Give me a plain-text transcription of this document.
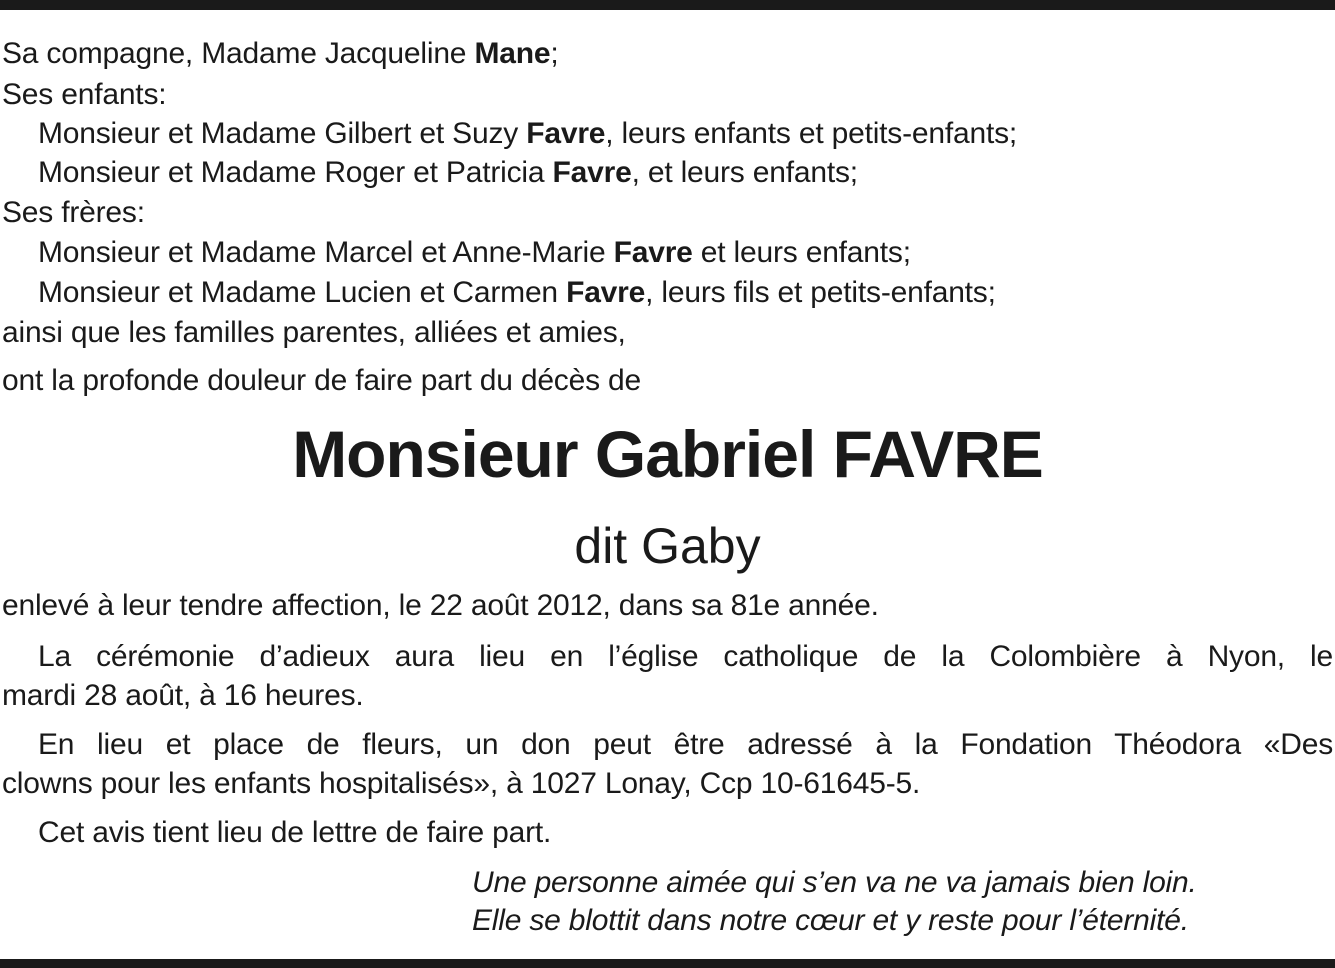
Sa compagne, Madame Jacqueline Mane;
Ses enfants:
Monsieur et Madame Gilbert et Suzy Favre, leurs enfants et petits-enfants;
Monsieur et Madame Roger et Patricia Favre, et leurs enfants;
Ses frères:
Monsieur et Madame Marcel et Anne-Marie Favre et leurs enfants;
Monsieur et Madame Lucien et Carmen Favre, leurs fils et petits-enfants;
ainsi que les familles parentes, alliées et amies,
ont la profonde douleur de faire part du décès de
Monsieur Gabriel FAVRE
dit Gaby
enlevé à leur tendre affection, le 22 août 2012, dans sa 81e année.
La cérémonie d’adieux aura lieu en l’église catholique de la Colombière à Nyon, le
mardi 28 août, à 16 heures.
En lieu et place de fleurs, un don peut être adressé à la Fondation Théodora «Des
clowns pour les enfants hospitalisés», à 1027 Lonay, Ccp 10-61645-5.
Cet avis tient lieu de lettre de faire part.
Une personne aimée qui s’en va ne va jamais bien loin.
Elle se blottit dans notre cœur et y reste pour l’éternité.
